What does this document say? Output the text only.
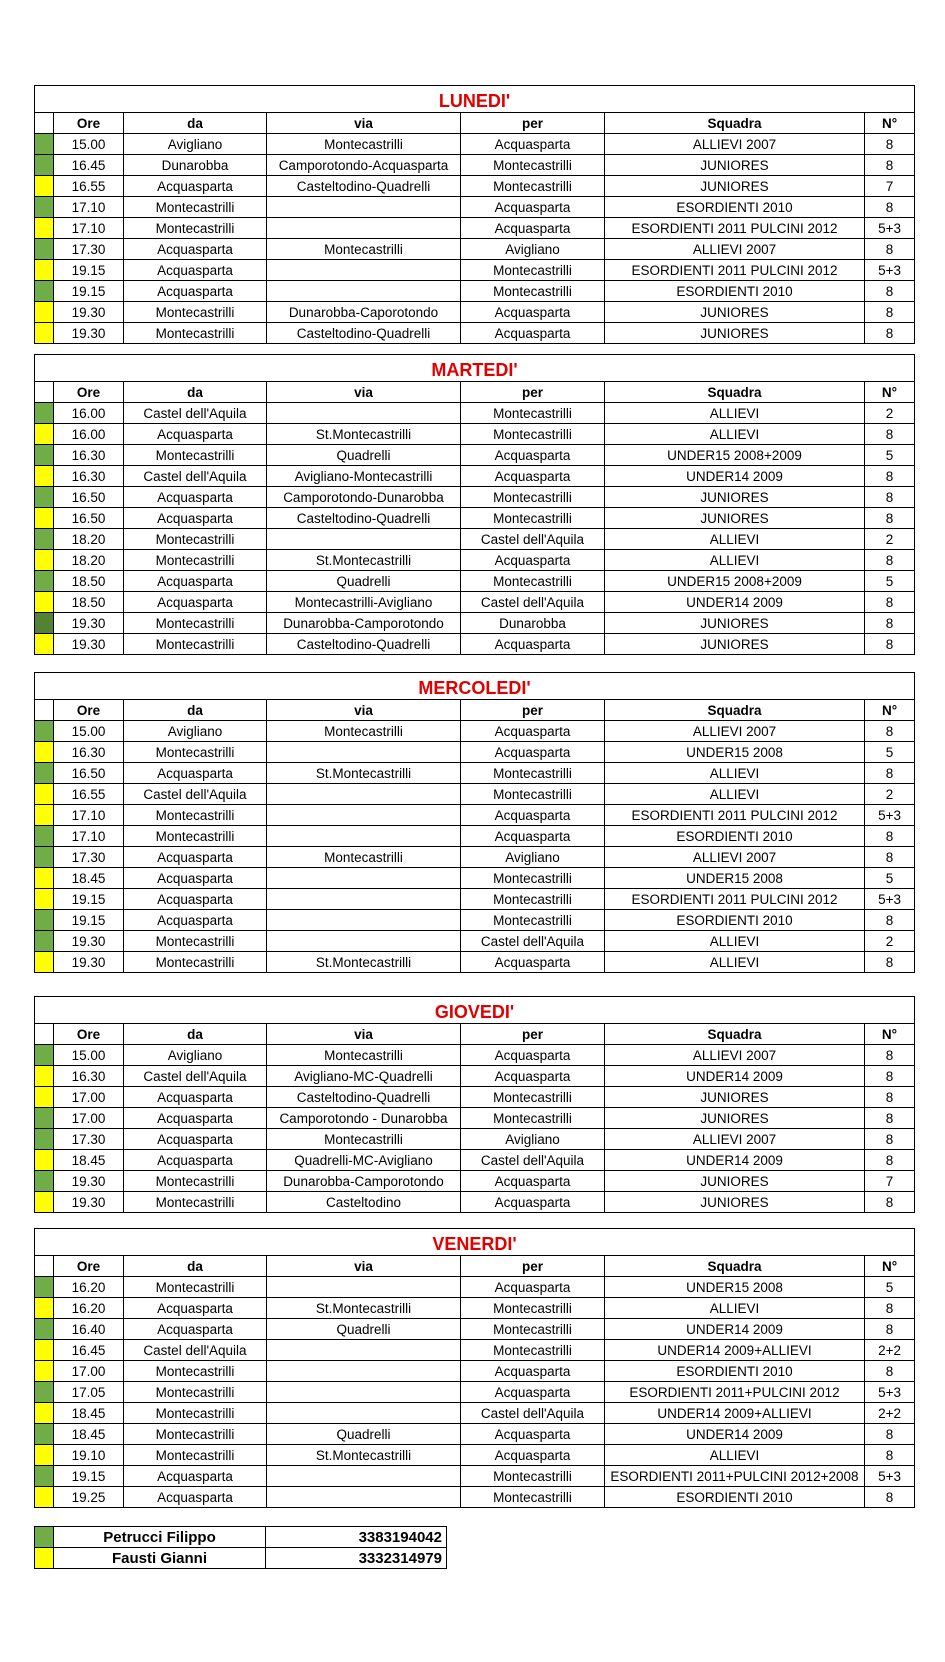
LUNEDI'						
	Ore	da	via	per	Squadra	N°
	15.00	Avigliano	Montecastrilli	Acquasparta	ALLIEVI 2007	8
	16.45	Dunarobba	Camporotondo-Acquasparta	Montecastrilli	JUNIORES	8
	16.55	Acquasparta	Casteltodino-Quadrelli	Montecastrilli	JUNIORES	7
	17.10	Montecastrilli		Acquasparta	ESORDIENTI 2010	8
	17.10	Montecastrilli		Acquasparta	ESORDIENTI 2011 PULCINI 2012	5+3
	17.30	Acquasparta	Montecastrilli	Avigliano	ALLIEVI 2007	8
	19.15	Acquasparta		Montecastrilli	ESORDIENTI 2011 PULCINI 2012	5+3
	19.15	Acquasparta		Montecastrilli	ESORDIENTI 2010	8
	19.30	Montecastrilli	Dunarobba-Caporotondo	Acquasparta	JUNIORES	8
	19.30	Montecastrilli	Casteltodino-Quadrelli	Acquasparta	JUNIORES	8
MARTEDI'						
	Ore	da	via	per	Squadra	N°
	16.00	Castel dell'Aquila		Montecastrilli	ALLIEVI	2
	16.00	Acquasparta	St.Montecastrilli	Montecastrilli	ALLIEVI	8
	16.30	Montecastrilli	Quadrelli	Acquasparta	UNDER15 2008+2009	5
	16.30	Castel dell'Aquila	Avigliano-Montecastrilli	Acquasparta	UNDER14 2009	8
	16.50	Acquasparta	Camporotondo-Dunarobba	Montecastrilli	JUNIORES	8
	16.50	Acquasparta	Casteltodino-Quadrelli	Montecastrilli	JUNIORES	8
	18.20	Montecastrilli		Castel dell'Aquila	ALLIEVI	2
	18.20	Montecastrilli	St.Montecastrilli	Acquasparta	ALLIEVI	8
	18.50	Acquasparta	Quadrelli	Montecastrilli	UNDER15 2008+2009	5
	18.50	Acquasparta	Montecastrilli-Avigliano	Castel dell'Aquila	UNDER14 2009	8
	19.30	Montecastrilli	Dunarobba-Camporotondo	Dunarobba	JUNIORES	8
	19.30	Montecastrilli	Casteltodino-Quadrelli	Acquasparta	JUNIORES	8
MERCOLEDI'						
	Ore	da	via	per	Squadra	N°
	15.00	Avigliano	Montecastrilli	Acquasparta	ALLIEVI 2007	8
	16.30	Montecastrilli		Acquasparta	UNDER15 2008	5
	16.50	Acquasparta	St.Montecastrilli	Montecastrilli	ALLIEVI	8
	16.55	Castel dell'Aquila		Montecastrilli	ALLIEVI	2
	17.10	Montecastrilli		Acquasparta	ESORDIENTI 2011 PULCINI 2012	5+3
	17.10	Montecastrilli		Acquasparta	ESORDIENTI 2010	8
	17.30	Acquasparta	Montecastrilli	Avigliano	ALLIEVI 2007	8
	18.45	Acquasparta		Montecastrilli	UNDER15 2008	5
	19.15	Acquasparta		Montecastrilli	ESORDIENTI 2011 PULCINI 2012	5+3
	19.15	Acquasparta		Montecastrilli	ESORDIENTI 2010	8
	19.30	Montecastrilli		Castel dell'Aquila	ALLIEVI	2
	19.30	Montecastrilli	St.Montecastrilli	Acquasparta	ALLIEVI	8
GIOVEDI'						
	Ore	da	via	per	Squadra	N°
	15.00	Avigliano	Montecastrilli	Acquasparta	ALLIEVI 2007	8
	16.30	Castel dell'Aquila	Avigliano-MC-Quadrelli	Acquasparta	UNDER14 2009	8
	17.00	Acquasparta	Casteltodino-Quadrelli	Montecastrilli	JUNIORES	8
	17.00	Acquasparta	Camporotondo - Dunarobba	Montecastrilli	JUNIORES	8
	17.30	Acquasparta	Montecastrilli	Avigliano	ALLIEVI 2007	8
	18.45	Acquasparta	Quadrelli-MC-Avigliano	Castel dell'Aquila	UNDER14 2009	8
	19.30	Montecastrilli	Dunarobba-Camporotondo	Acquasparta	JUNIORES	7
	19.30	Montecastrilli	Casteltodino	Acquasparta	JUNIORES	8
VENERDI'						
	Ore	da	via	per	Squadra	N°
	16.20	Montecastrilli		Acquasparta	UNDER15 2008	5
	16.20	Acquasparta	St.Montecastrilli	Montecastrilli	ALLIEVI	8
	16.40	Acquasparta	Quadrelli	Montecastrilli	UNDER14 2009	8
	16.45	Castel dell'Aquila		Montecastrilli	UNDER14 2009+ALLIEVI	2+2
	17.00	Montecastrilli		Acquasparta	ESORDIENTI 2010	8
	17.05	Montecastrilli		Acquasparta	ESORDIENTI 2011+PULCINI 2012	5+3
	18.45	Montecastrilli		Castel dell'Aquila	UNDER14 2009+ALLIEVI	2+2
	18.45	Montecastrilli	Quadrelli	Acquasparta	UNDER14 2009	8
	19.10	Montecastrilli	St.Montecastrilli	Acquasparta	ALLIEVI	8
	19.15	Acquasparta		Montecastrilli	ESORDIENTI 2011+PULCINI 2012+2008	5+3
	19.25	Acquasparta		Montecastrilli	ESORDIENTI 2010	8
	Petrucci Filippo	3383194042
	Fausti Gianni	3332314979
